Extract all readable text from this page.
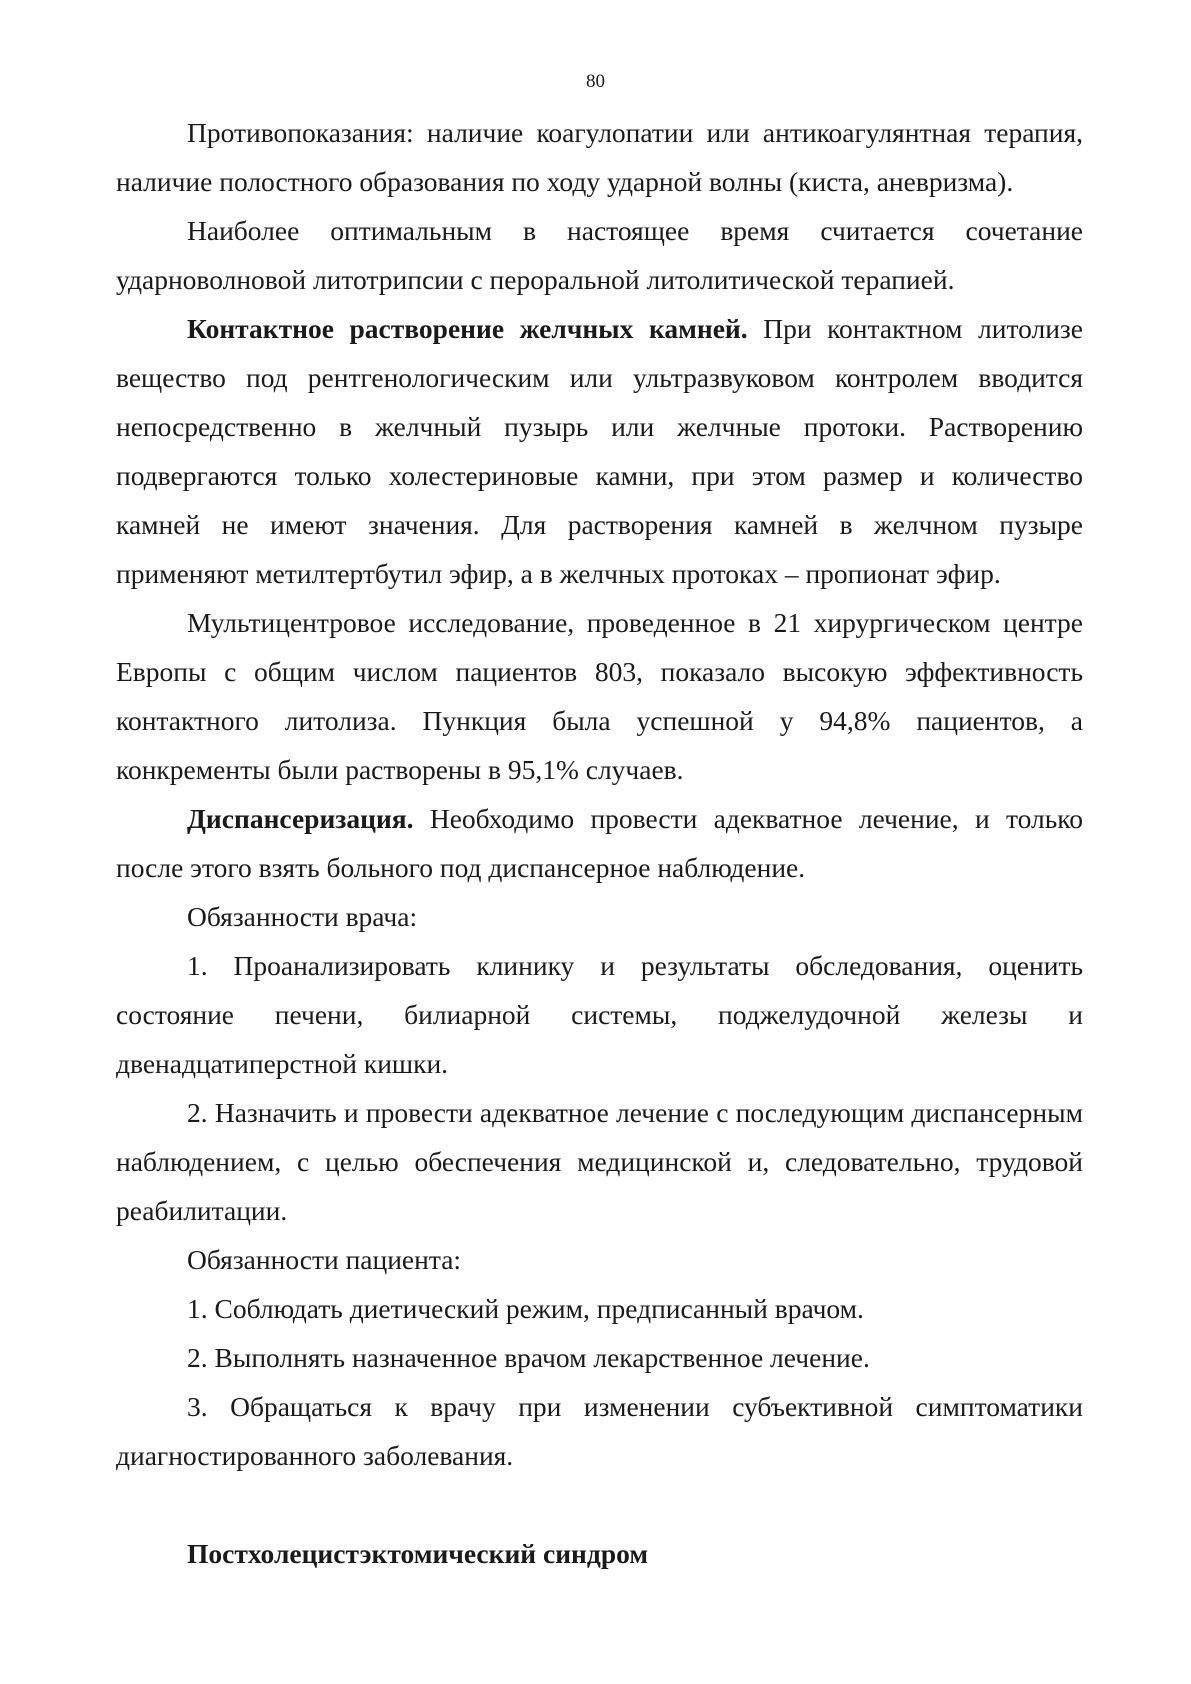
80

Противопоказания: наличие коагулопатии или антикоагулянтная терапия, наличие полостного образования по ходу ударной волны (киста, аневризма).

Наиболее оптимальным в настоящее время считается сочетание ударноволновой литотрипсии с пероральной литолитической терапией.

Контактное растворение желчных камней. При контактном литолизе вещество под рентгенологическим или ультразвуковом контролем вводится непосредственно в желчный пузырь или желчные протоки. Растворению подвергаются только холестериновые камни, при этом размер и количество камней не имеют значения. Для растворения камней в желчном пузыре применяют метилтертбутил эфир, а в желчных протоках – пропионат эфир.

Мультицентровое исследование, проведенное в 21 хирургическом центре Европы с общим числом пациентов 803, показало высокую эффективность контактного литолиза. Пункция была успешной у 94,8% пациентов, а конкременты были растворены в 95,1% случаев.

Диспансеризация. Необходимо провести адекватное лечение, и только после этого взять больного под диспансерное наблюдение.

Обязанности врача:

1. Проанализировать клинику и результаты обследования, оценить состояние печени, билиарной системы, поджелудочной железы и двенадцатиперстной кишки.

2. Назначить и провести адекватное лечение с последующим диспансерным наблюдением, с целью обеспечения медицинской и, следовательно, трудовой реабилитации.

Обязанности пациента:

1. Соблюдать диетический режим, предписанный врачом.

2. Выполнять назначенное врачом лекарственное лечение.

3. Обращаться к врачу при изменении субъективной симптоматики диагностированного заболевания.

Постхолецистэктомический синдром
